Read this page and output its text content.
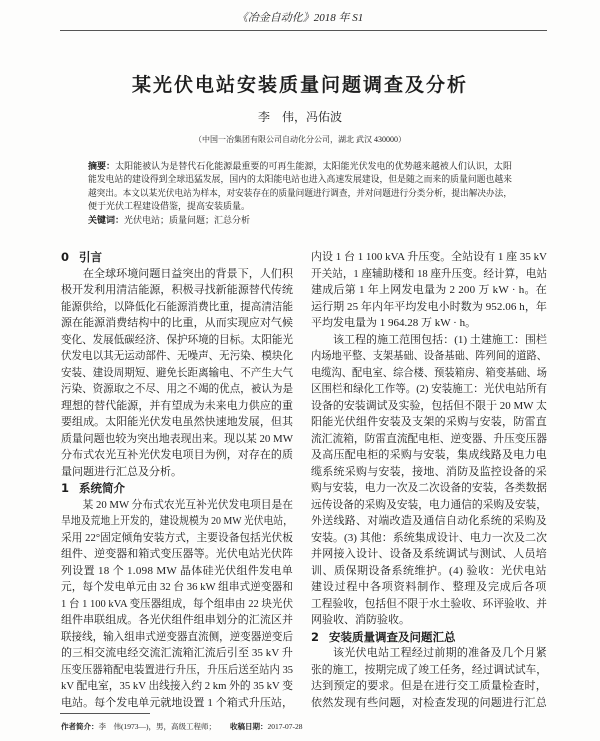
《冶金自动化》2018 年 S1
某光伏电站安装质量问题调查及分析
李　伟，冯佑波
（中国一冶集团有限公司自动化分公司，湖北 武汉 430000）
摘要：太阳能被认为是替代石化能源最重要的可再生能源，太阳能光伏发电的优势越来越被人们认识，太阳
能发电站的建设得到全球迅猛发展，国内的太阳能电站也进入高速发展建设，但是随之而来的质量问题也越来
越突出。本文以某光伏电站为样本，对安装存在的质量问题进行调查，并对问题进行分类分析，提出解决办法，
便于光伏工程建设借鉴，提高安装质量。
关键词：光伏电站；质量问题；汇总分析
0 引言
在全球环境问题日益突出的背景下，人们积
极开发利用清洁能源，积极寻找新能源替代传统
能源供给，以降低化石能源消费比重，提高清洁能
源在能源消费结构中的比重，从而实现应对气候
变化、发展低碳经济、保护环境的目标。太阳能光
伏发电以其无运动部件、无噪声、无污染、模块化
安装、建设周期短、避免长距离输电、不产生大气
污染、资源取之不尽、用之不竭的优点，被认为是
理想的替代能源，并有望成为未来电力供应的重
要组成。太阳能光伏发电虽然快速地发展，但其
质量问题也较为突出地表现出来。现以某 20 MW
分布式农光互补光伏发电项目为例，对存在的质
量问题进行汇总及分析。
1 系统简介
某 20 MW 分布式农光互补光伏发电项目是在
旱地及荒地上开发的，建设规模为 20 MW 光伏电站，
采用 22°固定倾角安装方式，主要设备包括光伏板
组件、逆变器和箱式变压器等。光伏电站光伏阵
列设置 18 个 1.098 MW 晶体硅光伏组件发电单
元，每个发电单元由 32 台 36 kW 组串式逆变器和
1 台 1 100 kVA 变压器组成，每个组串由 22 块光伏
组件串联组成。各光伏组件组串划分的汇流区并
联接线，输入组串式逆变器直流侧，逆变器逆变后
的三相交流电经交流汇流箱汇流后引至 35 kV 升
压变压器箱配电装置进行升压，升压后送至站内 35
kV 配电室，35 kV 出线接入约 2 km 外的 35 kV 变
电站。每个发电单元就地设置 1 个箱式升压站，
内设 1 台 1 100 kVA 升压变。全站设有 1 座 35 kV
开关站，1 座辅助楼和 18 座升压变。经计算，电站
建成后第 1 年上网发电量为 2 200 万 kW · h。在
运行期 25 年内年平均发电小时数为 952.06 h，年
平均发电量为 1 964.28 万 kW · h。
该工程的施工范围包括：(1) 土建施工：围栏
内场地平整、支架基础、设备基础、阵列间的道路、
电缆沟、配电室、综合楼、预装箱房、箱变基础、场
区围栏和绿化工作等。(2) 安装施工：光伏电站所有
设备的安装调试及实验，包括但不限于 20 MW 太
阳能光伏组件安装及支架的采购与安装，防雷直
流汇流箱，防雷直流配电柜、逆变器、升压变压器
及高压配电柜的采购与安装，集成线路及电力电
缆系统采购与安装，接地、消防及监控设备的采
购与安装，电力一次及二次设备的安装，各类数据
远传设备的采购及安装，电力通信的采购及安装，
外送线路、对端改造及通信自动化系统的采购及
安装。(3) 其他：系统集成设计、电力一次及二次
并网接入设计、设备及系统调试与测试、人员培
训、质保期设备系统维护。(4) 验收：光伏电站
建设过程中各项资料制作、整理及完成后各项
工程验收，包括但不限于水土验收、环评验收、并
网验收、消防验收。
2 安装质量调查及问题汇总
该光伏电站工程经过前期的准备及几个月紧
张的施工，按期完成了竣工任务，经过调试试车，
达到预定的要求。但是在进行交工质量检查时，
依然发现有些问题，对检查发现的问题进行汇总
作者简介：李　伟(1973—)，男，高级工程师； 收稿日期：2017-07-28
